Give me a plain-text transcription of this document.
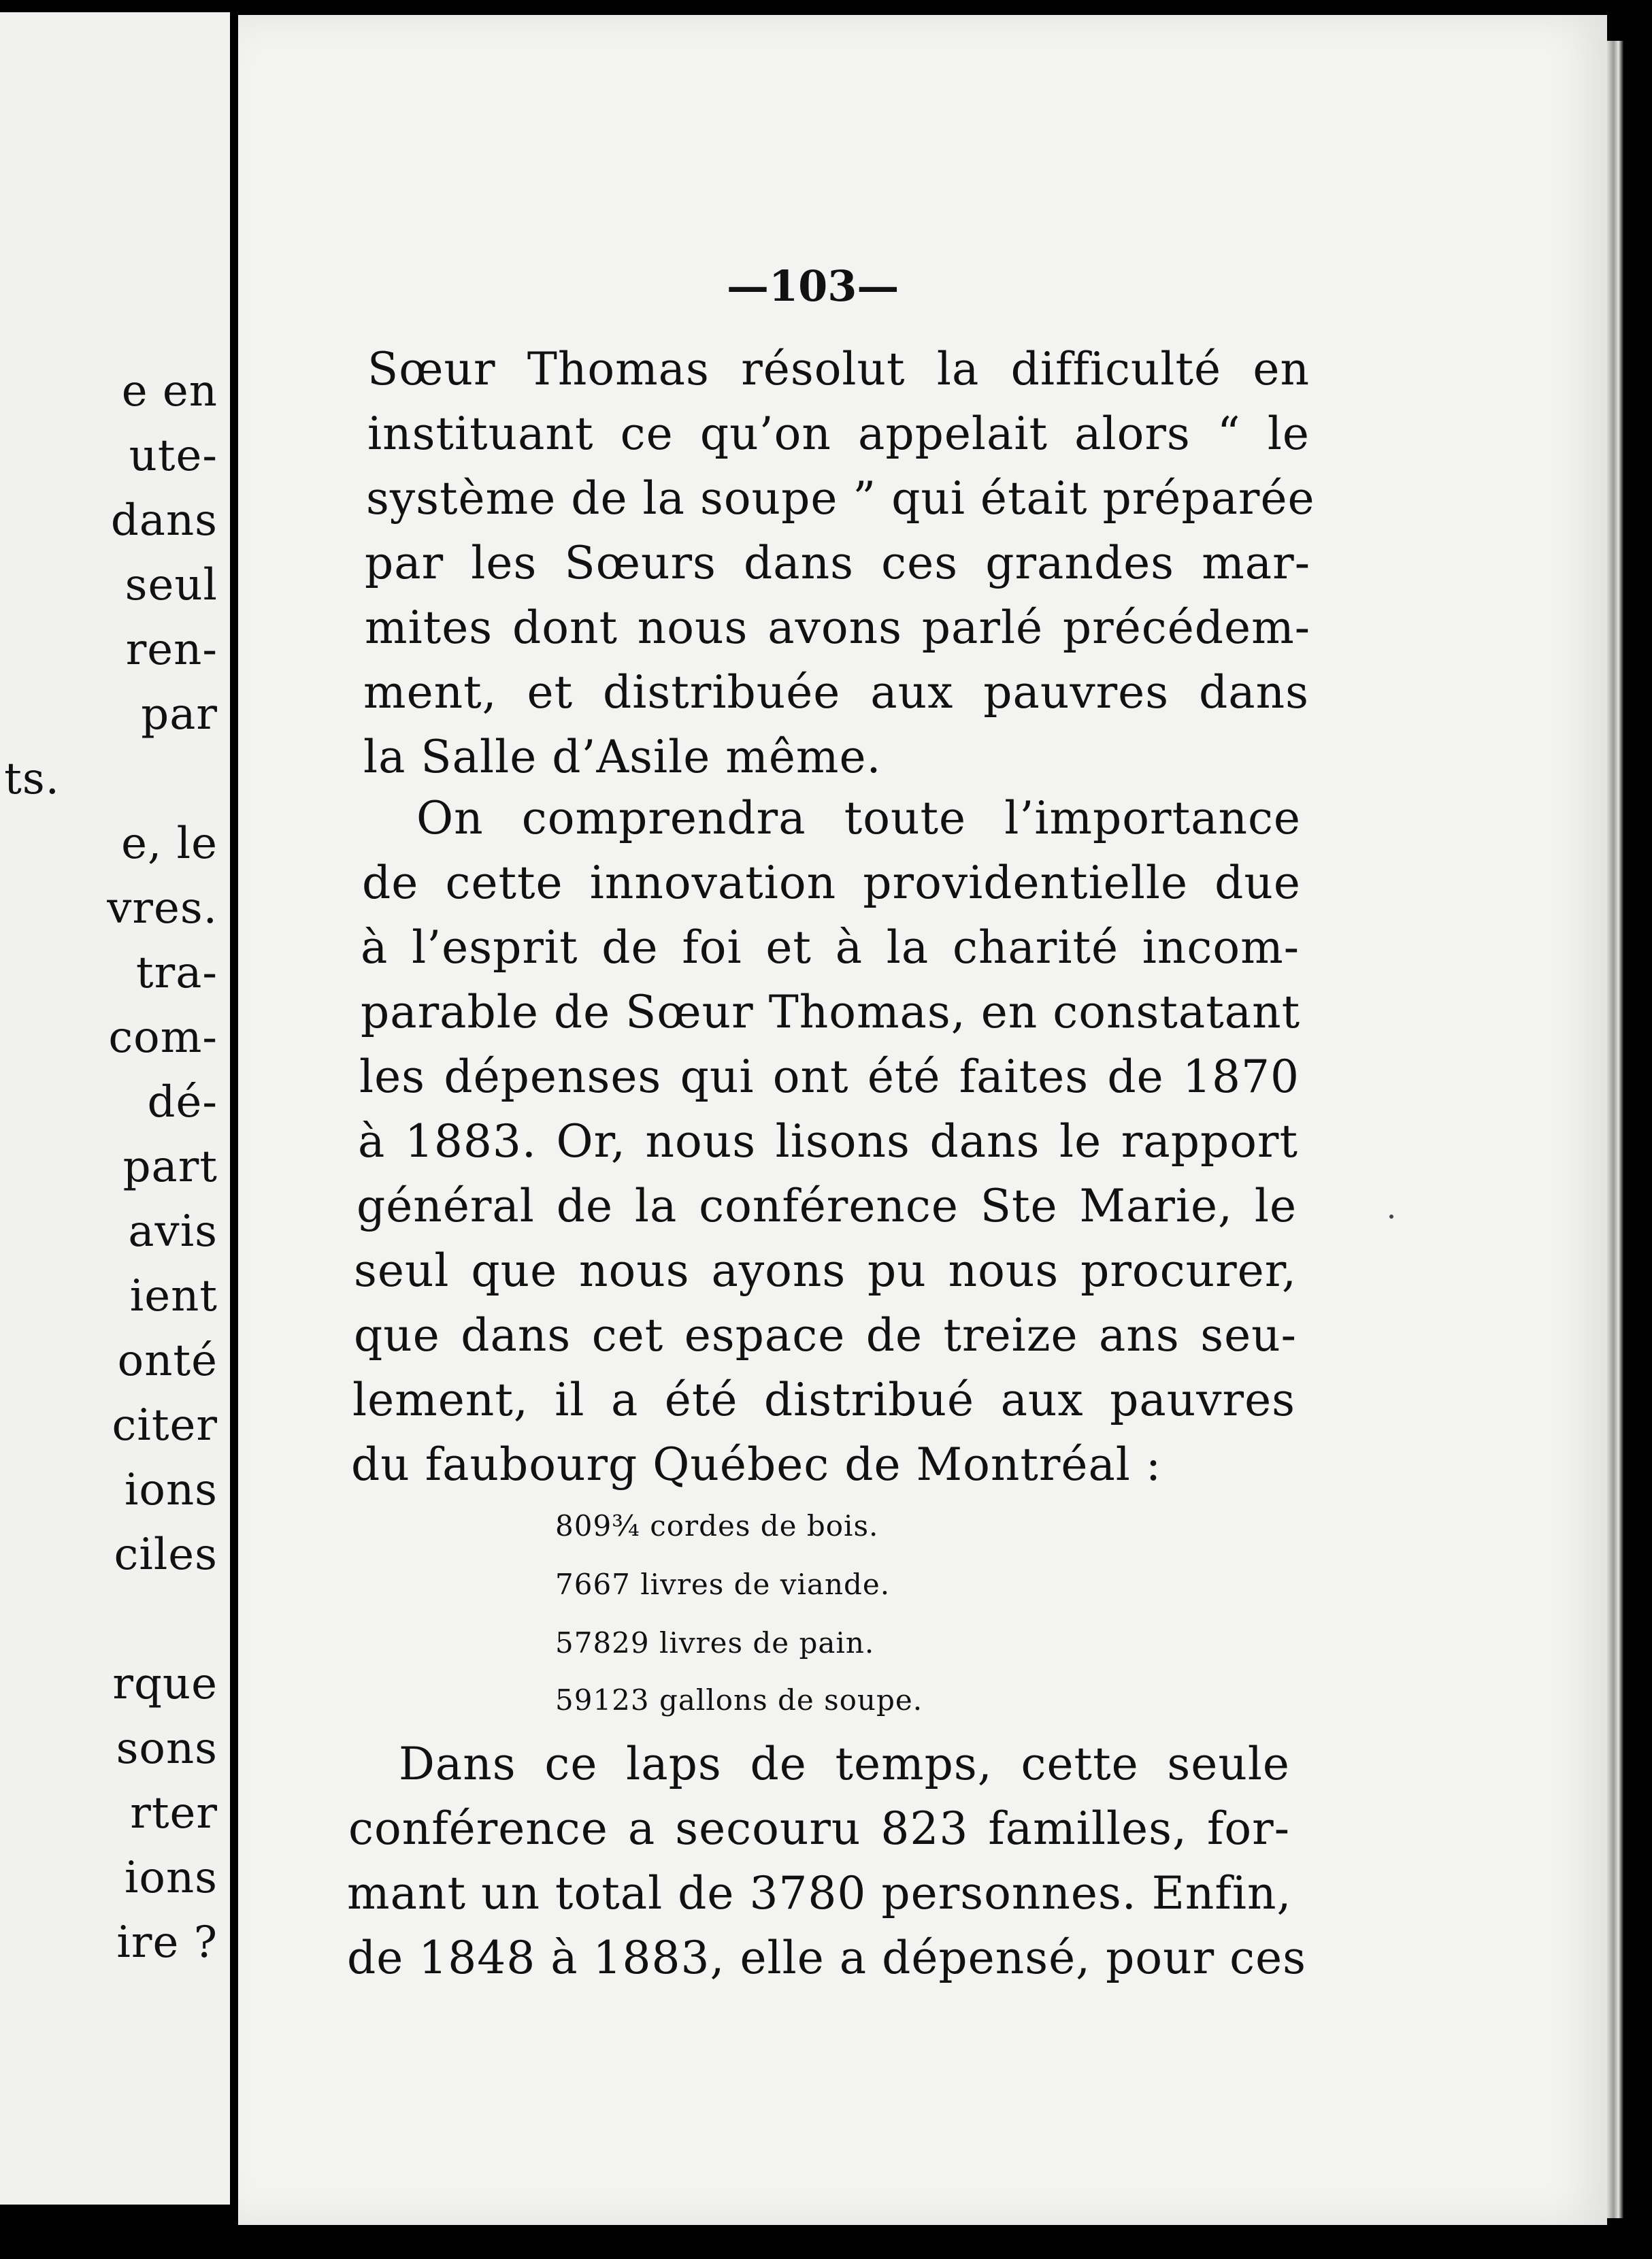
e en
ute-
dans
seul
ren-
par
ts.
e, le
vres.
tra-
com-
dé-
part
avis
ient
onté
citer
ions
ciles
rque
sons
rter
ions
ire ?
—103—
Sœur Thomas résolut la difficulté en
instituant ce qu’on appelait alors “ le
système de la soupe ” qui était préparée
par les Sœurs dans ces grandes mar-
mites dont nous avons parlé précédem-
ment, et distribuée aux pauvres dans
la Salle d’Asile même.
On comprendra toute l’importance
de cette innovation providentielle due
à l’esprit de foi et à la charité incom-
parable de Sœur Thomas, en constatant
les dépenses qui ont été faites de 1870
à 1883. Or, nous lisons dans le rapport
général de la conférence Ste Marie, le
seul que nous ayons pu nous procurer,
que dans cet espace de treize ans seu-
lement, il a été distribué aux pauvres
du faubourg Québec de Montréal :
809¾ cordes de bois.
7667 livres de viande.
57829 livres de pain.
59123 gallons de soupe.
Dans ce laps de temps, cette seule
conférence a secouru 823 familles, for-
mant un total de 3780 personnes. Enfin,
de 1848 à 1883, elle a dépensé, pour ces
